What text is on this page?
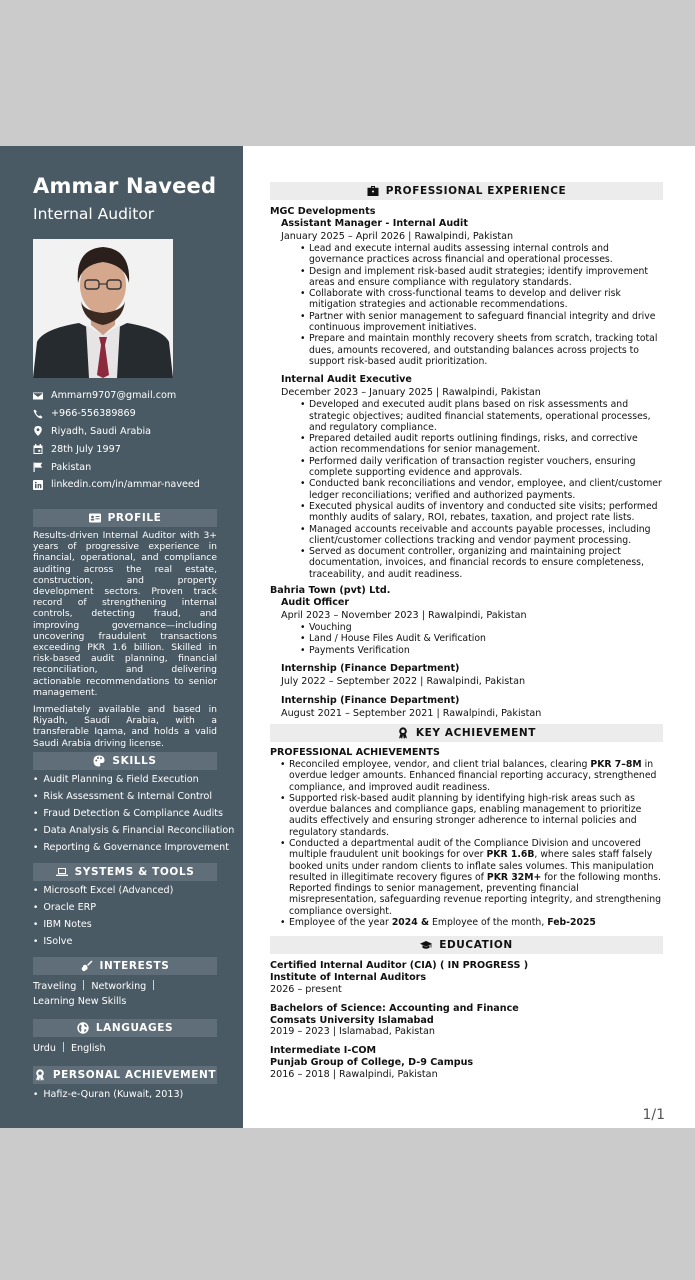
Ammar Naveed
Internal Auditor
Ammarn9707@gmail.com
+966-556389869
Riyadh, Saudi Arabia
28th July 1997
Pakistan
linkedin.com/in/ammar-naveed
PROFILE

Results-driven Internal Auditor with 3+ years of progressive experience in financial, operational, and compliance auditing across the real estate, construction, and property development sectors. Proven track record of strengthening internal controls, detecting fraud, and improving governance—including uncovering fraudulent transactions exceeding PKR 1.6 billion. Skilled in risk-based audit planning, financial reconciliation, and delivering actionable recommendations to senior management.

Immediately available and based in Riyadh, Saudi Arabia, with a transferable Iqama, and holds a valid Saudi Arabia driving license.

SKILLS
• Audit Planning & Field Execution
• Risk Assessment & Internal Control
• Fraud Detection & Compliance Audits
• Data Analysis & Financial Reconciliation
• Reporting & Governance Improvement
SYSTEMS & TOOLS
• Microsoft Excel (Advanced)
• Oracle ERP
• IBM Notes
• ISolve
INTERESTS
Traveling Networking
Learning New Skills
LANGUAGES
Urdu English
PERSONAL ACHIEVEMENT
• Hafiz-e-Quran (Kuwait, 2013)
PROFESSIONAL EXPERIENCE
MGC Developments
Assistant Manager - Internal Audit
January 2025 – April 2026 | Rawalpindi, Pakistan
• Lead and execute internal audits assessing internal controls and governance practices across financial and operational processes.
• Design and implement risk-based audit strategies; identify improvement areas and ensure compliance with regulatory standards.
• Collaborate with cross-functional teams to develop and deliver risk mitigation strategies and actionable recommendations.
• Partner with senior management to safeguard financial integrity and drive continuous improvement initiatives.
• Prepare and maintain monthly recovery sheets from scratch, tracking total dues, amounts recovered, and outstanding balances across projects to support risk-based audit prioritization.
Internal Audit Executive
December 2023 – January 2025 | Rawalpindi, Pakistan
• Developed and executed audit plans based on risk assessments and strategic objectives; audited financial statements, operational processes, and regulatory compliance.
• Prepared detailed audit reports outlining findings, risks, and corrective action recommendations for senior management.
• Performed daily verification of transaction register vouchers, ensuring complete supporting evidence and approvals.
• Conducted bank reconciliations and vendor, employee, and client/customer ledger reconciliations; verified and authorized payments.
• Executed physical audits of inventory and conducted site visits; performed monthly audits of salary, ROI, rebates, taxation, and project rate lists.
• Managed accounts receivable and accounts payable processes, including client/customer collections tracking and vendor payment processing.
• Served as document controller, organizing and maintaining project documentation, invoices, and financial records to ensure completeness, traceability, and audit readiness.
Bahria Town (pvt) Ltd.
Audit Officer
April 2023 – November 2023 | Rawalpindi, Pakistan
• Vouching
• Land / House Files Audit & Verification
• Payments Verification
Internship (Finance Department)
July 2022 – September 2022 | Rawalpindi, Pakistan
Internship (Finance Department)
August 2021 – September 2021 | Rawalpindi, Pakistan
KEY ACHIEVEMENT
PROFESSIONAL ACHIEVEMENTS
• Reconciled employee, vendor, and client trial balances, clearing PKR 7–8M in overdue ledger amounts. Enhanced financial reporting accuracy, strengthened compliance, and improved audit readiness.
• Supported risk-based audit planning by identifying high-risk areas such as overdue balances and compliance gaps, enabling management to prioritize audits effectively and ensuring stronger adherence to internal policies and regulatory standards.
• Conducted a departmental audit of the Compliance Division and uncovered multiple fraudulent unit bookings for over PKR 1.6B, where sales staff falsely booked units under random clients to inflate sales volumes. This manipulation resulted in illegitimate recovery figures of PKR 32M+ for the following months. Reported findings to senior management, preventing financial misrepresentation, safeguarding revenue reporting integrity, and strengthening compliance oversight.
• Employee of the year 2024 & Employee of the month, Feb-2025
EDUCATION
Certified Internal Auditor (CIA) ( IN PROGRESS )
Institute of Internal Auditors
2026 – present
Bachelors of Science: Accounting and Finance
Comsats University Islamabad
2019 – 2023 | Islamabad, Pakistan
Intermediate I-COM
Punjab Group of College, D-9 Campus
2016 – 2018 | Rawalpindi, Pakistan
1/1
